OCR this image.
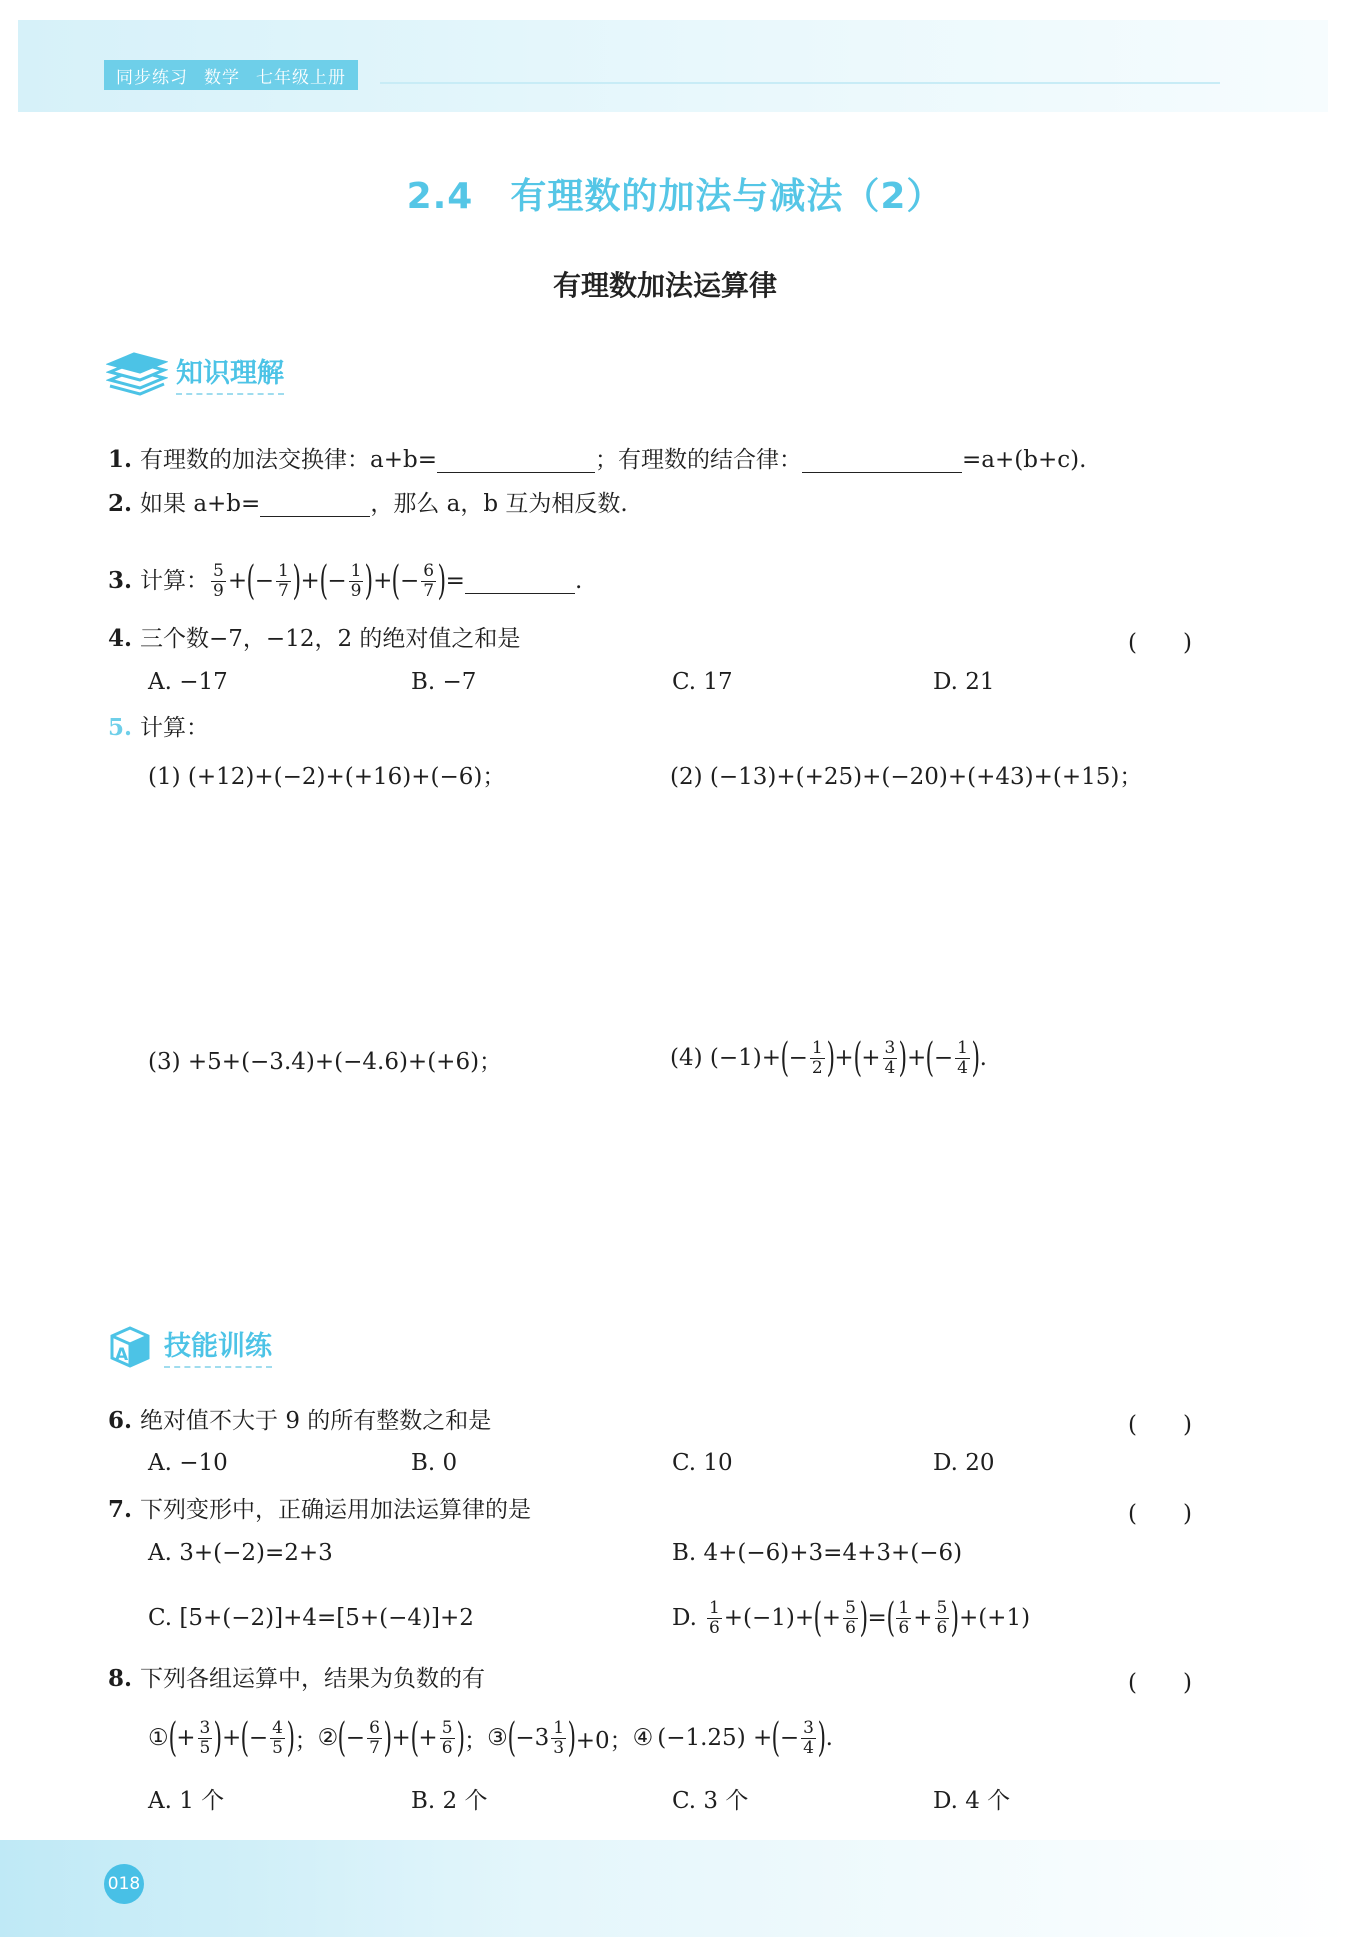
同步练习 数学 七年级上册
2.4　有理数的加法与减法（2）
有理数加法运算律
知识理解
1. 有理数的加法交换律：a+b=	；有理数的结合律：	=a+(b+c).
2. 如果 a+b=	，那么 a，b 互为相反数.
3. 计算： $\frac{5}{9}$ + ( − $\frac{1}{7}$ ) + ( − $\frac{1}{9}$ ) + ( − $\frac{6}{7}$ ) =	.
4. 三个数−7，−12，2 的绝对值之和是	(　　)
A. −17	B. −7	C. 17	D. 21
5. 计算：
(1) (+12)+(−2)+(+16)+(−6)；	(2) (−13)+(+25)+(−20)+(+43)+(+15)；
(3) +5+(−3.4)+(−4.6)+(+6)；	(4) (−1)+ ( − $\frac{1}{2}$ ) + ( + $\frac{3}{4}$ ) + ( − $\frac{1}{4}$ ) .
A 技能训练
6. 绝对值不大于 9 的所有整数之和是	(　　)
A. −10	B. 0	C. 10	D. 20
7. 下列变形中，正确运用加法运算律的是	(　　)
A. 3+(−2)=2+3	B. 4+(−6)+3=4+3+(−6)
C. [5+(−2)]+4=[5+(−4)]+2	D. $\frac{1}{6} +(-1)+$ ( + $\frac{5}{6}$ ) = ( $\frac{1}{6} + \frac{5}{6}$ ) +(+1)
8. 下列各组运算中，结果为负数的有	(　　)
① ( + $\frac{3}{5}$ ) + ( − $\frac{4}{5}$ ) ； ② ( − $\frac{6}{7}$ ) + ( + $\frac{5}{6}$ ) ； ③ ( $-3 \frac{1}{3}$ ) +0； ④ (−1.25) + ( − $\frac{3}{4}$ ) .
A. 1 个	B. 2 个	C. 3 个	D. 4 个
018
